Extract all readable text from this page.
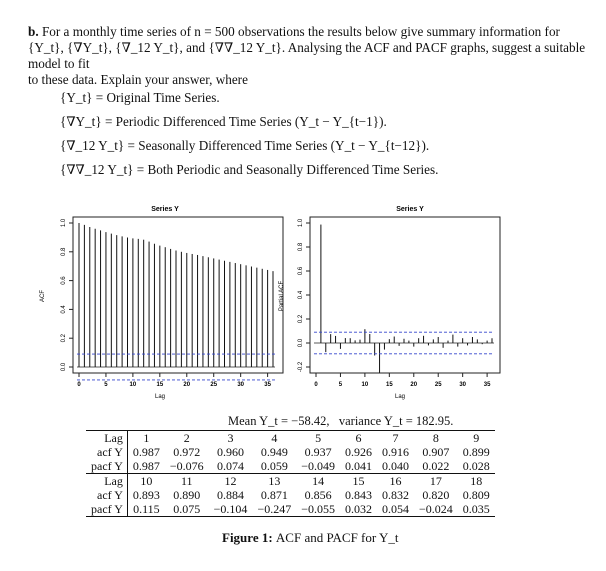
b. For a monthly time series of n = 500 observations the results below give summary information for
{Y_t}, {∇Y_t}, {∇_12 Y_t}, and {∇∇_12 Y_t}. Analysing the ACF and PACF graphs, suggest a suitable model to fit
to these data. Explain your answer, where
{Y_t} = Original Time Series.
{∇Y_t} = Periodic Differenced Time Series (Y_t − Y_{t−1}).
{∇_12 Y_t} = Seasonally Differenced Time Series (Y_t − Y_{t−12}).
{∇∇_12 Y_t} = Both Periodic and Seasonally Differenced Time Series.
Series Y
0.0
0.2
0.4
0.6
0.8
1.0
0	5	10	15	20	25	30	35
Lag
ACF
Series Y
-0.2
0.0
0.2
0.4
0.6
0.8
1.0
0	5	10	15	20	25	30	35
Lag
Partial ACF
Mean Y_t = −58.42, variance Y_t = 182.95.
Lag	1	2	3	4	5	6	7	8	9
acf Y	0.987	0.972	0.960	0.949	0.937	0.926	0.916	0.907	0.899
pacf Y	0.987	−0.076	0.074	0.059	−0.049	0.041	0.040	0.022	0.028
Lag	10	11	12	13	14	15	16	17	18
acf Y	0.893	0.890	0.884	0.871	0.856	0.843	0.832	0.820	0.809
pacf Y	0.115	0.075	−0.104	−0.247	−0.055	0.032	0.054	−0.024	0.035
Figure 1: ACF and PACF for Y_t
